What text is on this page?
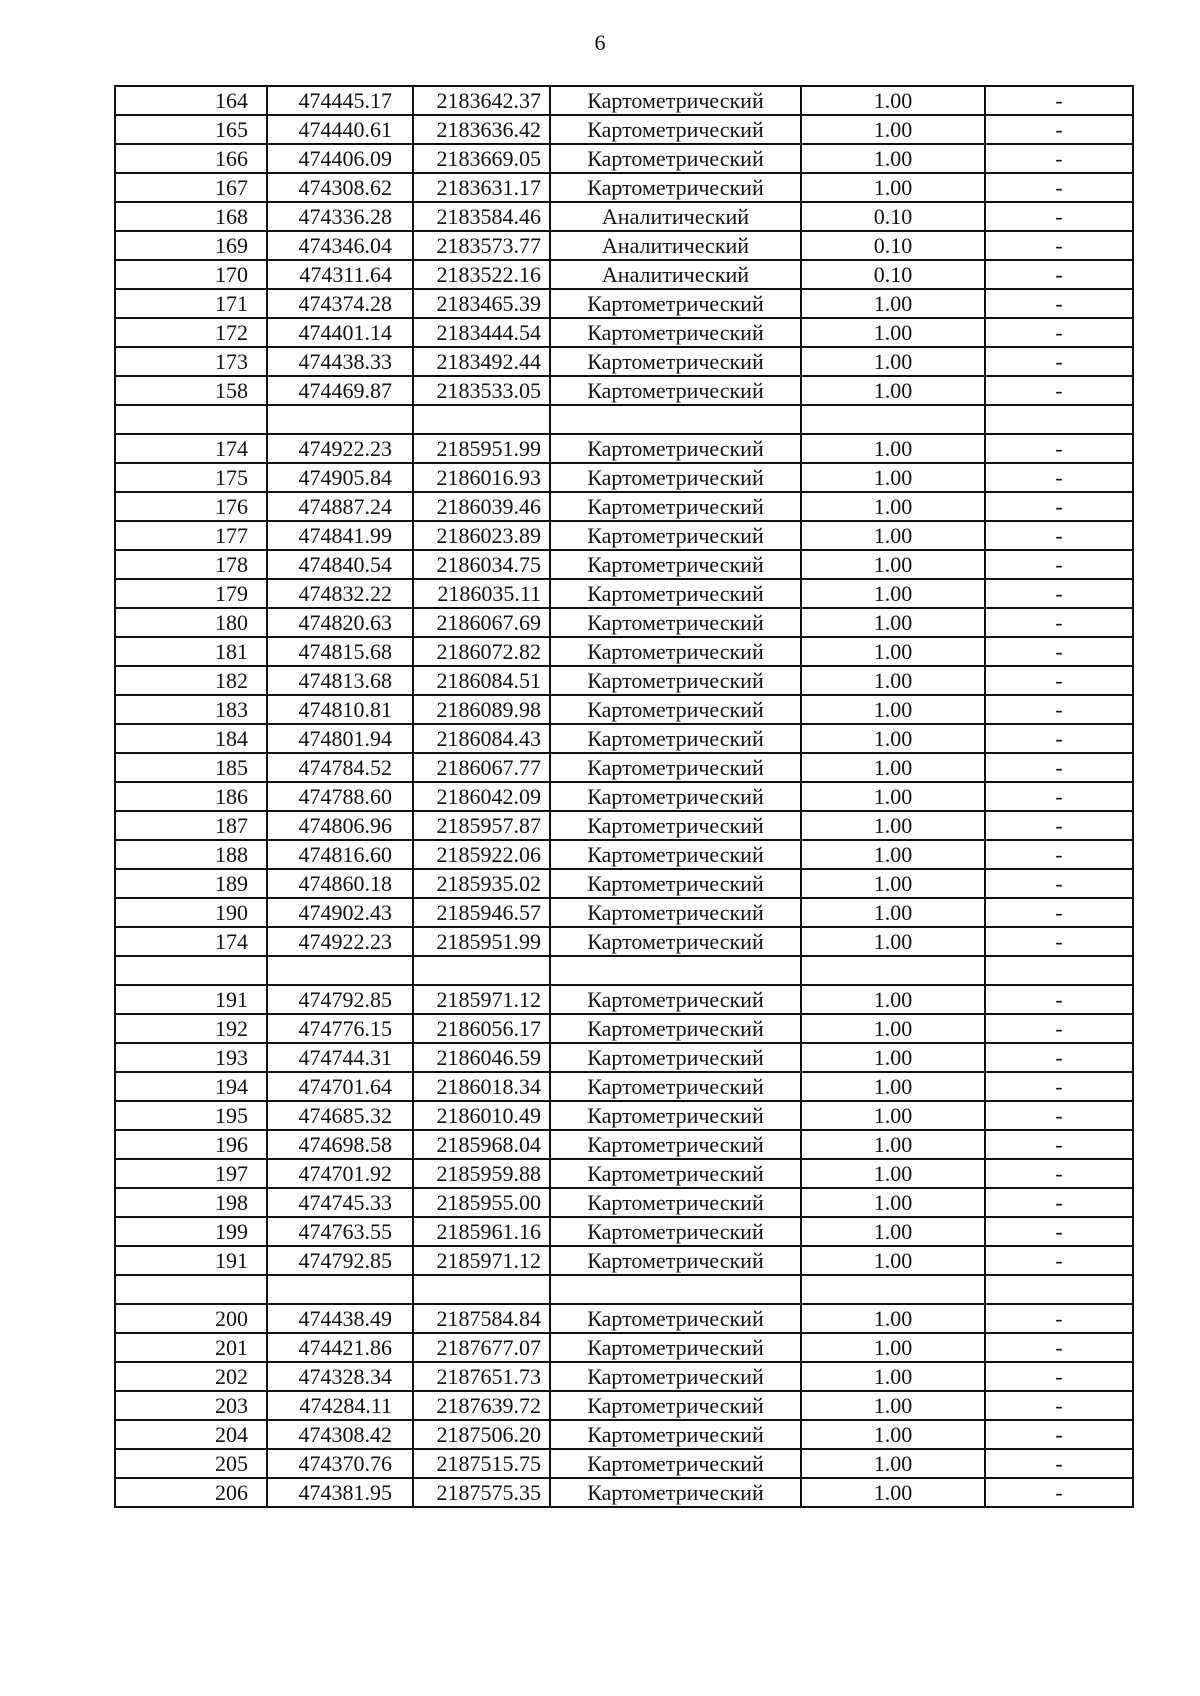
6
164	474445.17	2183642.37	Картометрический	1.00	-
165	474440.61	2183636.42	Картометрический	1.00	-
166	474406.09	2183669.05	Картометрический	1.00	-
167	474308.62	2183631.17	Картометрический	1.00	-
168	474336.28	2183584.46	Аналитический	0.10	-
169	474346.04	2183573.77	Аналитический	0.10	-
170	474311.64	2183522.16	Аналитический	0.10	-
171	474374.28	2183465.39	Картометрический	1.00	-
172	474401.14	2183444.54	Картометрический	1.00	-
173	474438.33	2183492.44	Картометрический	1.00	-
158	474469.87	2183533.05	Картометрический	1.00	-

174	474922.23	2185951.99	Картометрический	1.00	-
175	474905.84	2186016.93	Картометрический	1.00	-
176	474887.24	2186039.46	Картометрический	1.00	-
177	474841.99	2186023.89	Картометрический	1.00	-
178	474840.54	2186034.75	Картометрический	1.00	-
179	474832.22	2186035.11	Картометрический	1.00	-
180	474820.63	2186067.69	Картометрический	1.00	-
181	474815.68	2186072.82	Картометрический	1.00	-
182	474813.68	2186084.51	Картометрический	1.00	-
183	474810.81	2186089.98	Картометрический	1.00	-
184	474801.94	2186084.43	Картометрический	1.00	-
185	474784.52	2186067.77	Картометрический	1.00	-
186	474788.60	2186042.09	Картометрический	1.00	-
187	474806.96	2185957.87	Картометрический	1.00	-
188	474816.60	2185922.06	Картометрический	1.00	-
189	474860.18	2185935.02	Картометрический	1.00	-
190	474902.43	2185946.57	Картометрический	1.00	-
174	474922.23	2185951.99	Картометрический	1.00	-

191	474792.85	2185971.12	Картометрический	1.00	-
192	474776.15	2186056.17	Картометрический	1.00	-
193	474744.31	2186046.59	Картометрический	1.00	-
194	474701.64	2186018.34	Картометрический	1.00	-
195	474685.32	2186010.49	Картометрический	1.00	-
196	474698.58	2185968.04	Картометрический	1.00	-
197	474701.92	2185959.88	Картометрический	1.00	-
198	474745.33	2185955.00	Картометрический	1.00	-
199	474763.55	2185961.16	Картометрический	1.00	-
191	474792.85	2185971.12	Картометрический	1.00	-

200	474438.49	2187584.84	Картометрический	1.00	-
201	474421.86	2187677.07	Картометрический	1.00	-
202	474328.34	2187651.73	Картометрический	1.00	-
203	474284.11	2187639.72	Картометрический	1.00	-
204	474308.42	2187506.20	Картометрический	1.00	-
205	474370.76	2187515.75	Картометрический	1.00	-
206	474381.95	2187575.35	Картометрический	1.00	-
